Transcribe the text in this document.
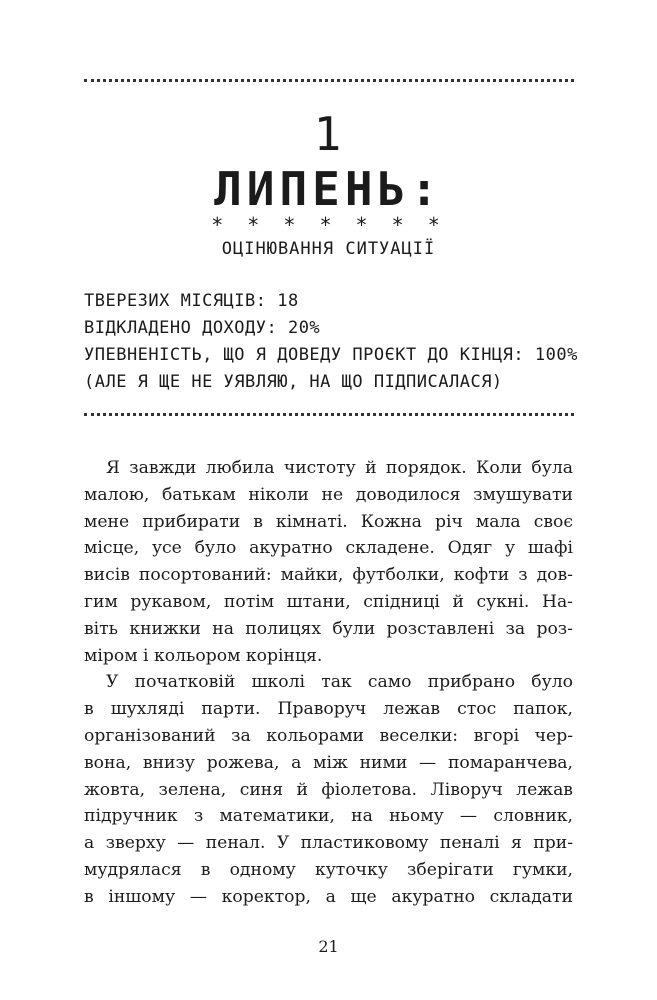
1
ЛИПЕНЬ:
* * * * * * *
ОЦІНЮВАННЯ СИТУАЦІЇ
ТВЕРЕЗИХ МІСЯЦІВ: 18
ВІДКЛАДЕНО ДОХОДУ: 20%
УПЕВНЕНІСТЬ, ЩО Я ДОВЕДУ ПРОЄКТ ДО КІНЦЯ: 100%
(АЛЕ Я ЩЕ НЕ УЯВЛЯЮ, НА ЩО ПІДПИСАЛАСЯ)
Я завжди любила чистоту й порядок. Коли була
малою, батькам ніколи не доводилося змушувати
мене прибирати в кімнаті. Кожна річ мала своє
місце, усе було акуратно складене. Одяг у шафі
висів посортований: майки, футболки, кофти з дов-
гим рукавом, потім штани, спідниці й сукні. На-
віть книжки на полицях були розставлені за роз-
міром і кольором корінця.
У початковій школі так само прибрано було
в шухляді парти. Праворуч лежав стос папок,
організований за кольорами веселки: вгорі чер-
вона, внизу рожева, а між ними — помаранчева,
жовта, зелена, синя й фіолетова. Ліворуч лежав
підручник з математики, на ньому — словник,
а зверху — пенал. У пластиковому пеналі я при-
мудрялася в одному куточку зберігати гумки,
в іншому — коректор, а ще акуратно складати
21
